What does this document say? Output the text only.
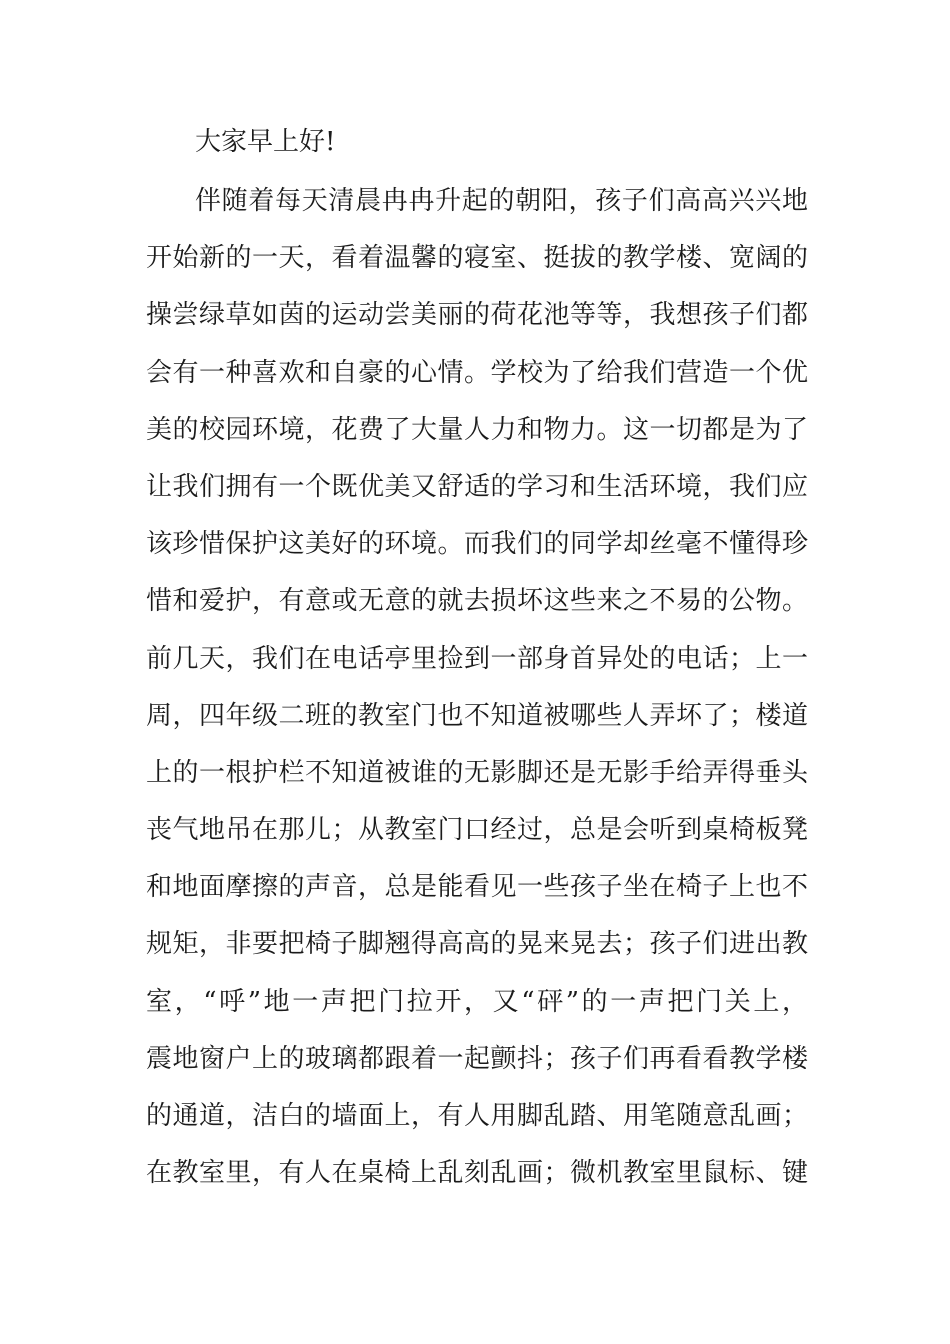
大家早上好!

伴随着每天清晨冉冉升起的朝阳，孩子们高高兴兴地
开始新的一天，看着温馨的寝室、挺拔的教学楼、宽阔的
操尝绿草如茵的运动尝美丽的荷花池等等，我想孩子们都
会有一种喜欢和自豪的心情。学校为了给我们营造一个优
美的校园环境，花费了大量人力和物力。这一切都是为了
让我们拥有一个既优美又舒适的学习和生活环境，我们应
该珍惜保护这美好的环境。而我们的同学却丝毫不懂得珍
惜和爱护，有意或无意的就去损坏这些来之不易的公物。
前几天，我们在电话亭里捡到一部身首异处的电话；上一
周，四年级二班的教室门也不知道被哪些人弄坏了；楼道
上的一根护栏不知道被谁的无影脚还是无影手给弄得垂头
丧气地吊在那儿；从教室门口经过，总是会听到桌椅板凳
和地面摩擦的声音，总是能看见一些孩子坐在椅子上也不
规矩，非要把椅子脚翘得高高的晃来晃去；孩子们进出教
室，“呼”地一声把门拉开，又“砰”的一声把门关上，
震地窗户上的玻璃都跟着一起颤抖；孩子们再看看教学楼
的通道，洁白的墙面上，有人用脚乱踏、用笔随意乱画；
在教室里，有人在桌椅上乱刻乱画；微机教室里鼠标、键
